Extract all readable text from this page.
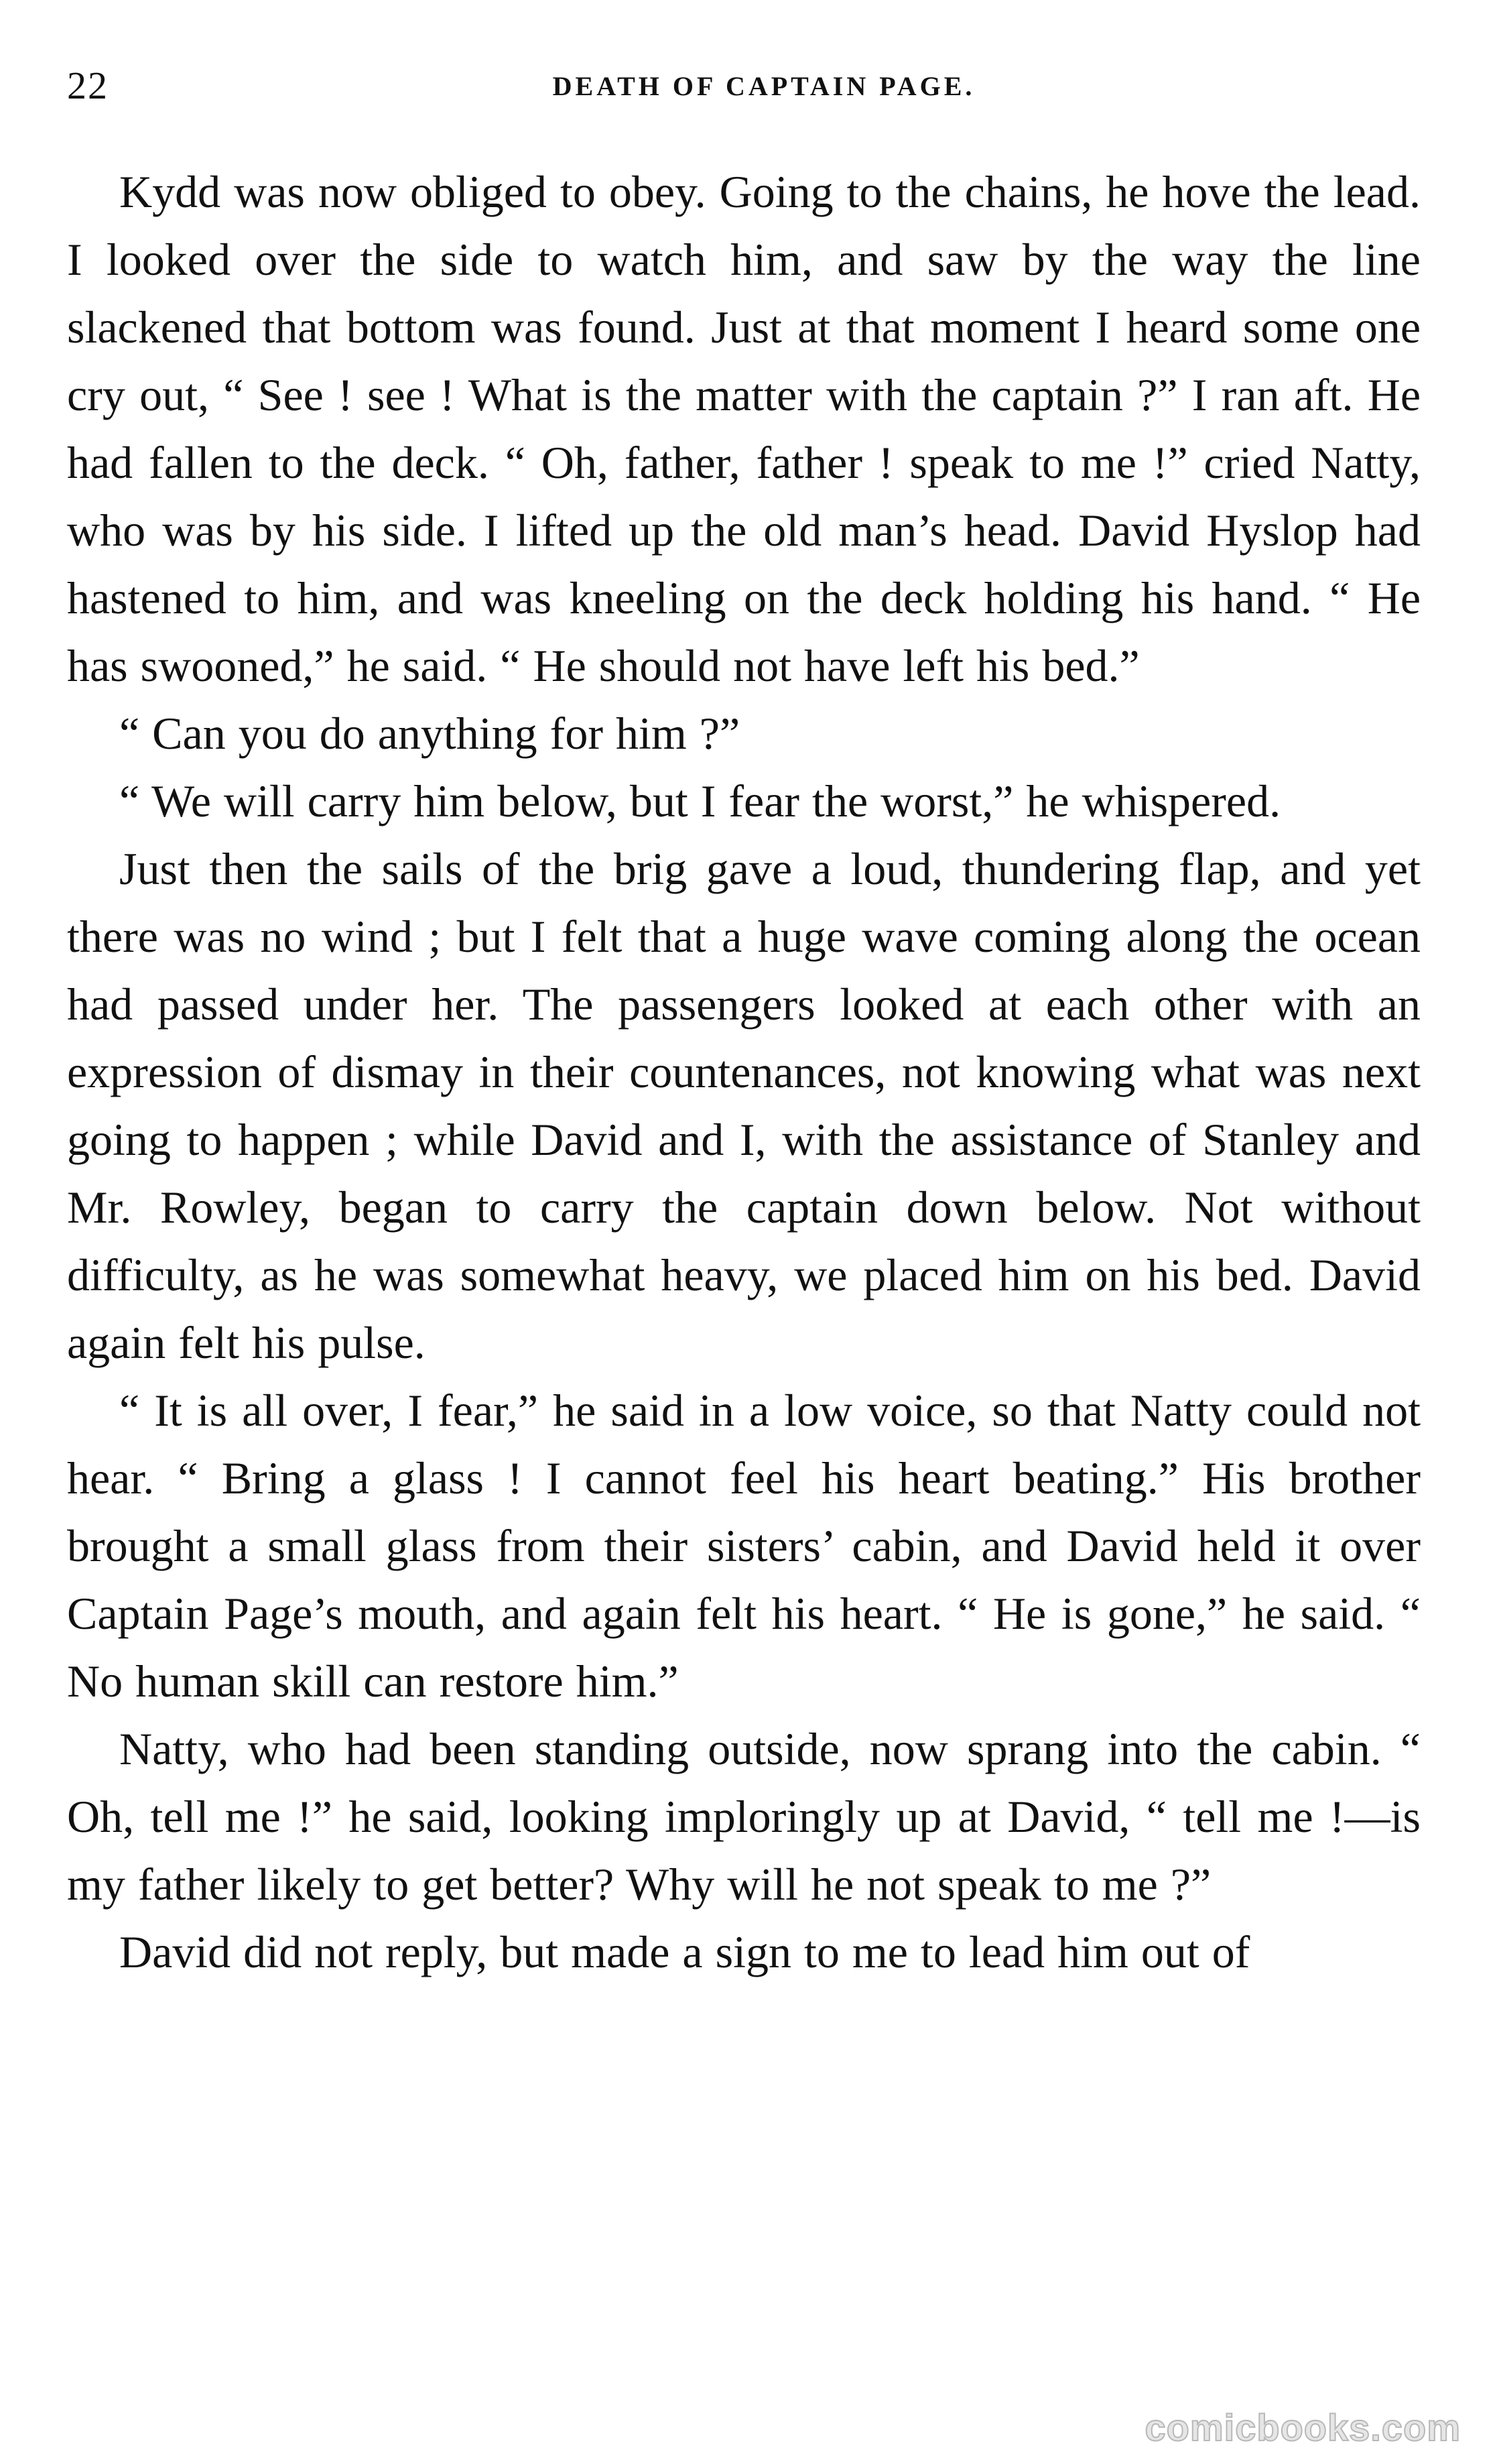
22	DEATH OF CAPTAIN PAGE.

Kydd was now obliged to obey. Going to the chains, he hove the lead. I looked over the side to watch him, and saw by the way the line slackened that bottom was found. Just at that moment I heard some one cry out, “ See ! see ! What is the matter with the captain ?” I ran aft. He had fallen to the deck. “ Oh, father, father ! speak to me !” cried Natty, who was by his side. I lifted up the old man’s head. David Hyslop had hastened to him, and was kneeling on the deck holding his hand. “ He has swooned,” he said. “ He should not have left his bed.”

“ Can you do anything for him ?”

“ We will carry him below, but I fear the worst,” he whispered.

Just then the sails of the brig gave a loud, thundering flap, and yet there was no wind ; but I felt that a huge wave coming along the ocean had passed under her. The passengers looked at each other with an expression of dismay in their countenances, not knowing what was next going to happen ; while David and I, with the assistance of Stanley and Mr. Rowley, began to carry the captain down below. Not without difficulty, as he was somewhat heavy, we placed him on his bed. David again felt his pulse.

“ It is all over, I fear,” he said in a low voice, so that Natty could not hear. “ Bring a glass ! I cannot feel his heart beating.” His brother brought a small glass from their sisters’ cabin, and David held it over Captain Page’s mouth, and again felt his heart. “ He is gone,” he said. “ No human skill can restore him.”

Natty, who had been standing outside, now sprang into the cabin. “ Oh, tell me !” he said, looking imploringly up at David, “ tell me !—is my father likely to get better? Why will he not speak to me ?”

David did not reply, but made a sign to me to lead him out of

comicbooks.com
